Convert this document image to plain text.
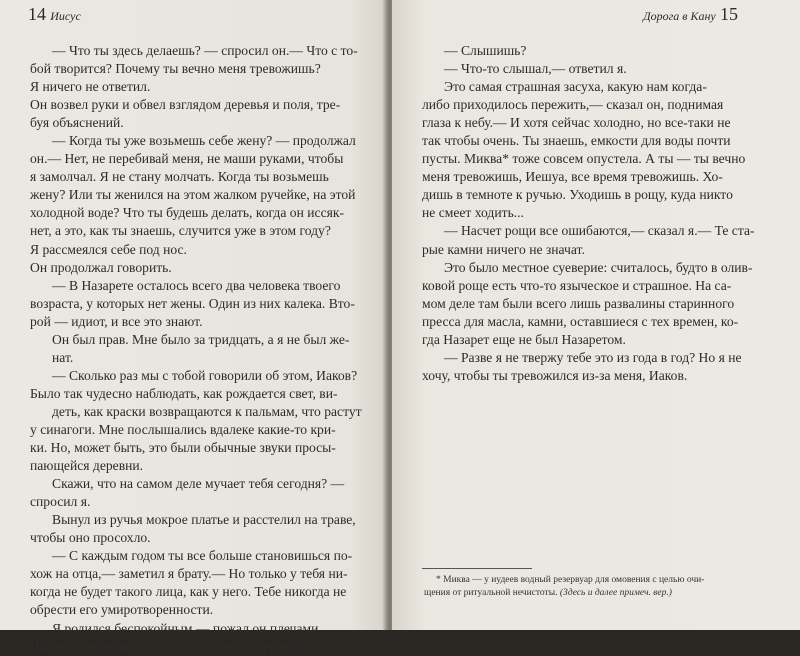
14 Иисус
— Что ты здесь делаешь? — спросил он.— Что с то-
бой творится? Почему ты вечно меня тревожишь?
Я ничего не ответил.
Он возвел руки и обвел взглядом деревья и поля, тре-
буя объяснений.
— Когда ты уже возьмешь себе жену? — продолжал
он.— Нет, не перебивай меня, не маши руками, чтобы
я замолчал. Я не стану молчать. Когда ты возьмешь
жену? Или ты женился на этом жалком ручейке, на этой
холодной воде? Что ты будешь делать, когда он иссяк-
нет, а это, как ты знаешь, случится уже в этом году?
Я рассмеялся себе под нос.
Он продолжал говорить.
— В Назарете осталось всего два человека твоего
возраста, у которых нет жены. Один из них калека. Вто-
рой — идиот, и все это знают.
Он был прав. Мне было за тридцать, а я не был же-
нат.
— Сколько раз мы с тобой говорили об этом, Иаков?
Было так чудесно наблюдать, как рождается свет, ви-
деть, как краски возвращаются к пальмам, что растут
у синагоги. Мне послышались вдалеке какие-то кри-
ки. Но, может быть, это были обычные звуки просы-
пающейся деревни.
Скажи, что на самом деле мучает тебя сегодня? —
спросил я.
Вынул из ручья мокрое платье и расстелил на траве,
чтобы оно просохло.
— С каждым годом ты все больше становишься по-
хож на отца,— заметил я брату.— Но только у тебя ни-
когда не будет такого лица, как у него. Тебе никогда не
обрести его умиротворенности.
Я родился беспокойным,— пожал он плечами.
Иаков с тревогой посмотрел в сторону деревни.
Дорога в Кану 15
— Слышишь?
— Что-то слышал,— ответил я.
Это самая страшная засуха, какую нам когда-
либо приходилось пережить,— сказал он, поднимая
глаза к небу.— И хотя сейчас холодно, но все-таки не
так чтобы очень. Ты знаешь, емкости для воды почти
пусты. Миква* тоже совсем опустела. А ты — ты вечно
меня тревожишь, Иешуа, все время тревожишь. Хо-
дишь в темноте к ручью. Уходишь в рощу, куда никто
не смеет ходить...
— Насчет рощи все ошибаются,— сказал я.— Те ста-
рые камни ничего не значат.
Это было местное суеверие: считалось, будто в олив-
ковой роще есть что-то языческое и страшное. На са-
мом деле там были всего лишь развалины старинного
пресса для масла, камни, оставшиеся с тех времен, ко-
гда Назарет еще не был Назаретом.
— Разве я не твержу тебе это из года в год? Но я не
хочу, чтобы ты тревожился из-за меня, Иаков.
* Миква — у иудеев водный резервуар для омовения с целью очи-
щения от ритуальной нечистоты. (Здесь и далее примеч. вер.)
